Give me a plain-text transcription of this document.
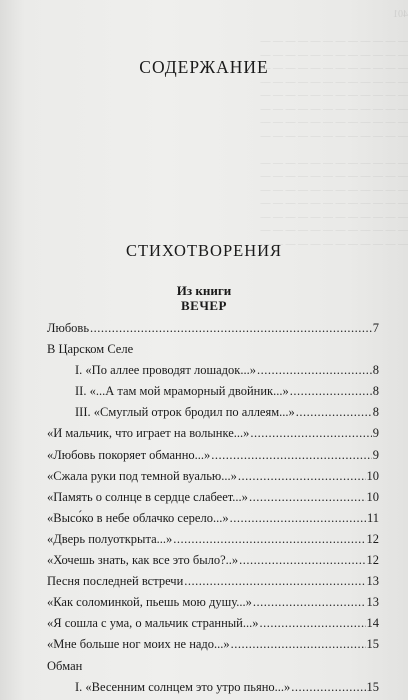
401

— — — — — — — — — — — —
— — — — — — — — — — — —
— — — — — — — — — — — —
— — — — — — — — — — — —
— — — — — — — — — — — —
— — — — — — — — — — — —
— — — — — — — — — — — —
— — — — — — — — — — — —

— — — — — — — — — — — —
— — — — — — — — — — — —
— — — — — — — — — — — —
— — — — — — — — — — — —
— — — — — — — — — — — —
— — — — — — — — — — — —
— — — — — — — — — — — —
СОДЕРЖАНИЕ
СТИХОТВОРЕНИЯ
Из книги
ВЕЧЕР
Любовь .....	7
В Царском Селе
I. «По аллее проводят лошадок...» .....	8
II. «...А там мой мраморный двойник...» .....	8
III. «Смуглый отрок бродил по аллеям...» .....	8
«И мальчик, что играет на волынке...» .....	9
«Любовь покоряет обманно...» .....	9
«Сжала руки под темной вуалью...» .....	10
«Память о солнце в сердце слабеет...» .....	10
«Высо́ко в небе облачко серело...» .....	11
«Дверь полуоткрыта...» .....	12
«Хочешь знать, как все это было?..» .....	12
Песня последней встречи .....	13
«Как соломинкой, пьешь мою душу...» .....	13
«Я сошла с ума, о мальчик странный...» .....	14
«Мне больше ног моих не надо...» .....	15
Обман
I. «Весенним солнцем это утро пьяно...» .....	15
